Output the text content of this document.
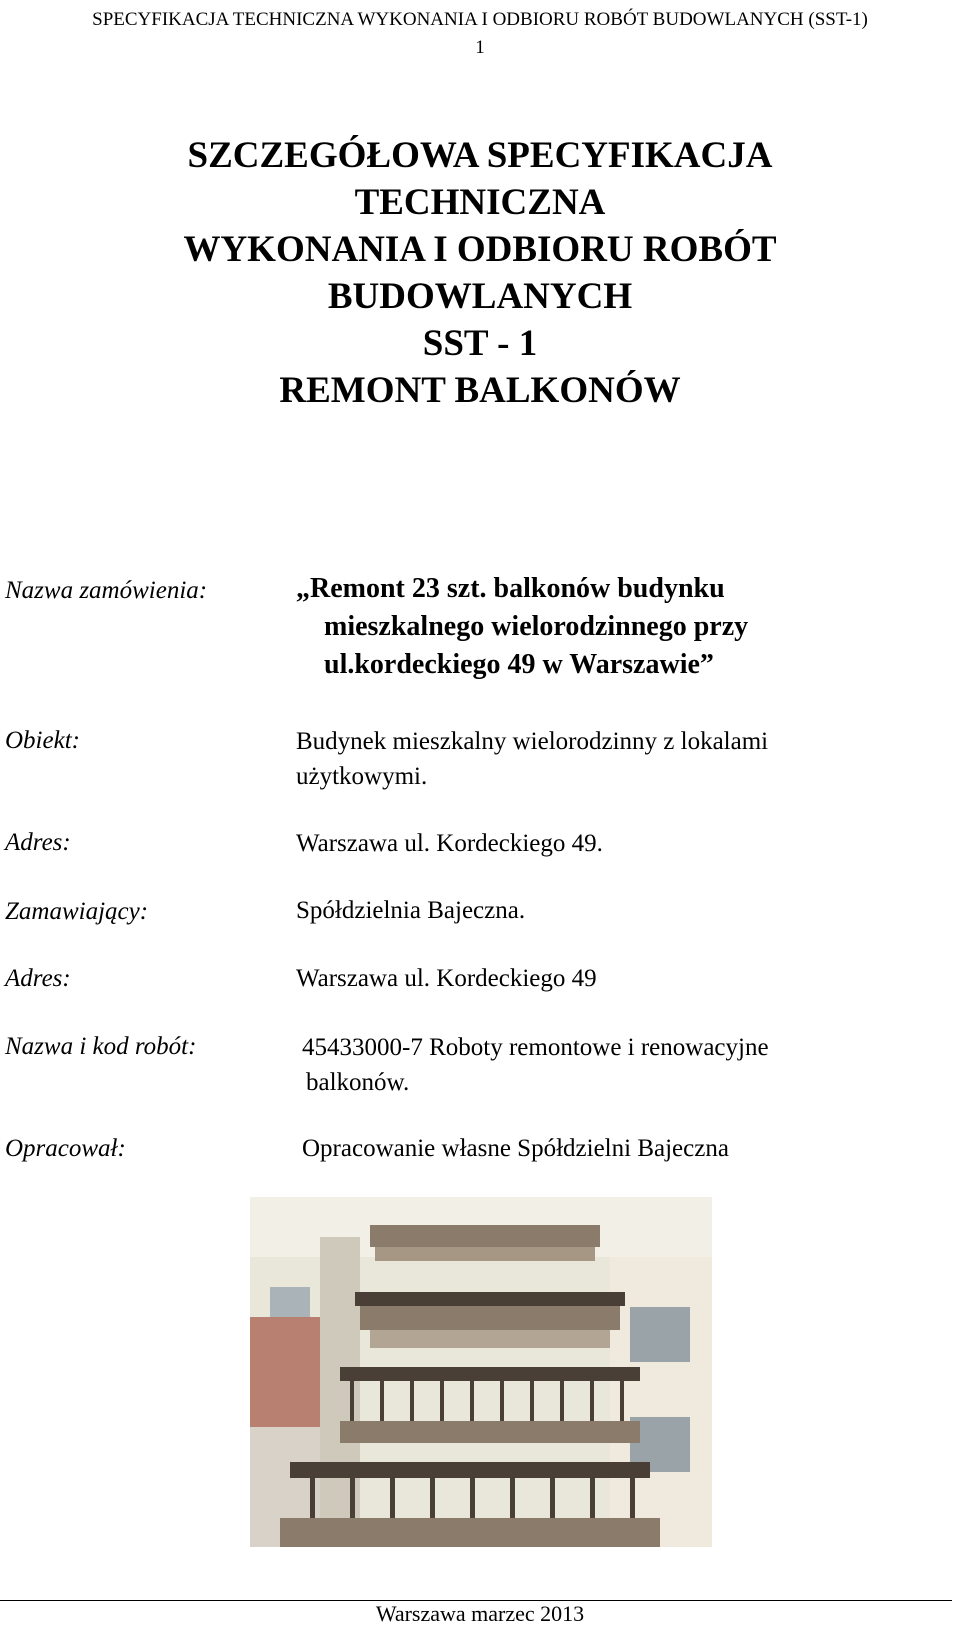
SPECYFIKACJA TECHNICZNA WYKONANIA I ODBIORU ROBÓT BUDOWLANYCH (SST-1)
1
SZCZEGÓŁOWA SPECYFIKACJA
TECHNICZNA
WYKONANIA I ODBIORU ROBÓT
BUDOWLANYCH
SST - 1
REMONT BALKONÓW
Nazwa zamówienia:	„Remont 23 szt. balkonów budynku
mieszkalnego wielorodzinnego przy
ul.kordeckiego 49 w Warszawie”
Obiekt:	Budynek mieszkalny wielorodzinny z lokalami
użytkowymi.
Adres:	Warszawa ul. Kordeckiego 49.
Zamawiający:	Spółdzielnia Bajeczna.
Adres:	Warszawa ul. Kordeckiego 49
Nazwa i kod robót:	45433000-7 Roboty remontowe i renowacyjne
balkonów.
Opracował:	Opracowanie własne Spółdzielni Bajeczna
Warszawa marzec 2013
